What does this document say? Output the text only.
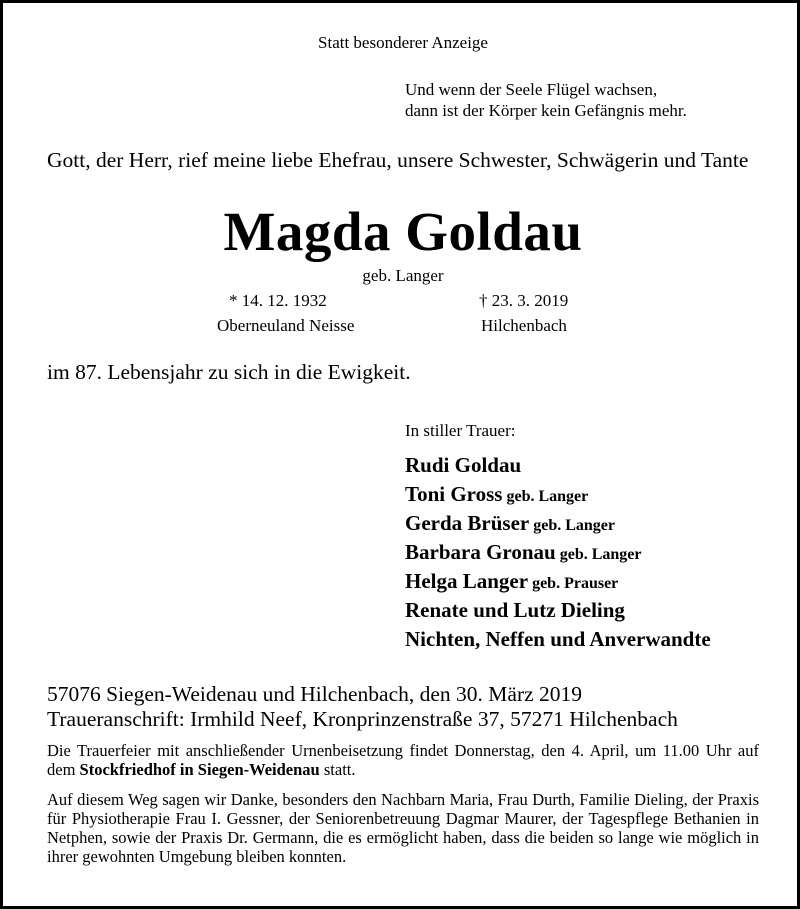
Statt besonderer Anzeige
Und wenn der Seele Flügel wachsen,
dann ist der Körper kein Gefängnis mehr.
Gott, der Herr, rief meine liebe Ehefrau, unsere Schwester, Schwägerin und Tante
Magda Goldau
geb. Langer
* 14. 12. 1932
Oberneuland Neisse
† 23. 3. 2019
Hilchenbach
im 87. Lebensjahr zu sich in die Ewigkeit.
In stiller Trauer:
Rudi Goldau
Toni Gross geb. Langer
Gerda Brüser geb. Langer
Barbara Gronau geb. Langer
Helga Langer geb. Prauser
Renate und Lutz Dieling
Nichten, Neffen und Anverwandte
57076 Siegen-Weidenau und Hilchenbach, den 30. März 2019
Traueranschrift: Irmhild Neef, Kronprinzenstraße 37, 57271 Hilchenbach
Die Trauerfeier mit anschließender Urnenbeisetzung findet Donnerstag, den 4. April, um 11.00 Uhr auf dem Stockfriedhof in Siegen-Weidenau statt.
Auf diesem Weg sagen wir Danke, besonders den Nachbarn Maria, Frau Durth, Familie Dieling, der Praxis für Physiotherapie Frau I. Gessner, der Seniorenbetreuung Dagmar Maurer, der Tagespflege Bethanien in Netphen, sowie der Praxis Dr. Germann, die es ermöglicht haben, dass die beiden so lange wie möglich in ihrer gewohnten Umgebung bleiben konnten.
